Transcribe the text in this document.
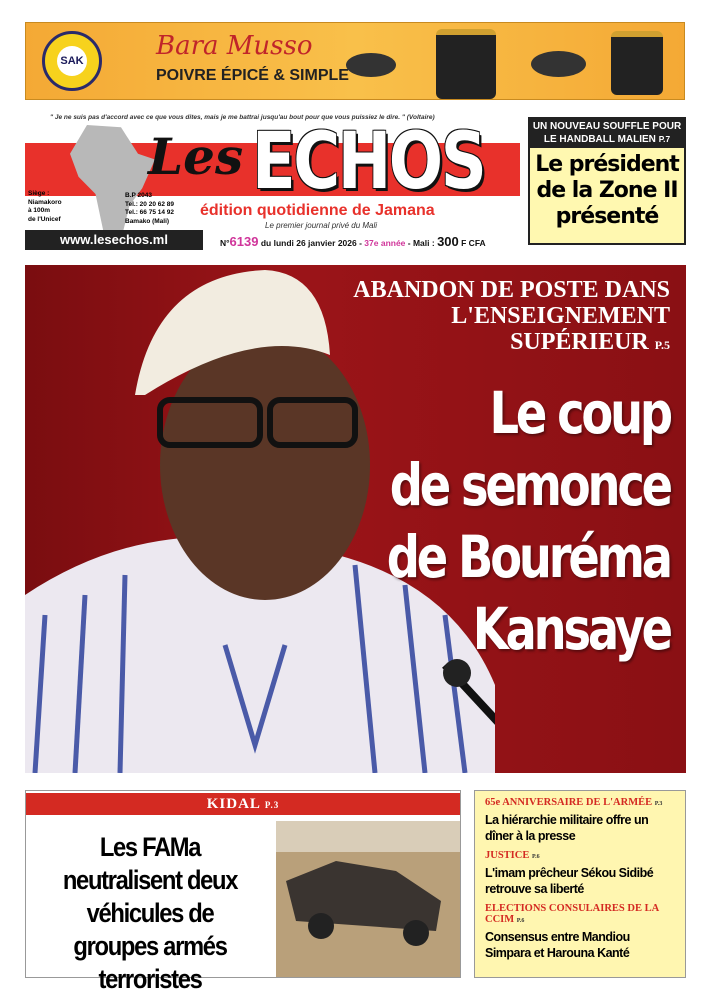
SAK	Bara Musso
POIVRE ÉPICÉ & SIMPLE
" Je ne suis pas d'accord avec ce que vous dites, mais je me battrai jusqu'au bout pour que vous puissiez le dire. " (Voltaire)
Les ECHOS
édition quotidienne de Jamana
Le premier journal privé du Mali
Siège :
Niamakoro
à 100m
de l'Unicef
B.P 2043
Tel.: 20 20 62 89
Tel.: 66 75 14 92
Bamako (Mali)
www.lesechos.ml	N°6139 du lundi 26 janvier 2026 - 37e année - Mali : 300 F CFA
UN NOUVEAU SOUFFLE POUR LE HANDBALL MALIEN P.7
Le président de la Zone II présenté
ABANDON DE POSTE DANS
L'ENSEIGNEMENT
SUPÉRIEUR P.5
Le coup
de semonce
de Bouréma
Kansaye
KIDAL P.3
Les FAMa neutralisent deux véhicules de groupes armés terroristes
65e ANNIVERSAIRE DE L'ARMÉE P.3
La hiérarchie militaire offre un dîner à la presse
JUSTICE P.6
L'imam prêcheur Sékou Sidibé retrouve sa liberté
ELECTIONS CONSULAIRES DE LA CCIM P.6
Consensus entre Mandiou Simpara et Harouna Kanté
